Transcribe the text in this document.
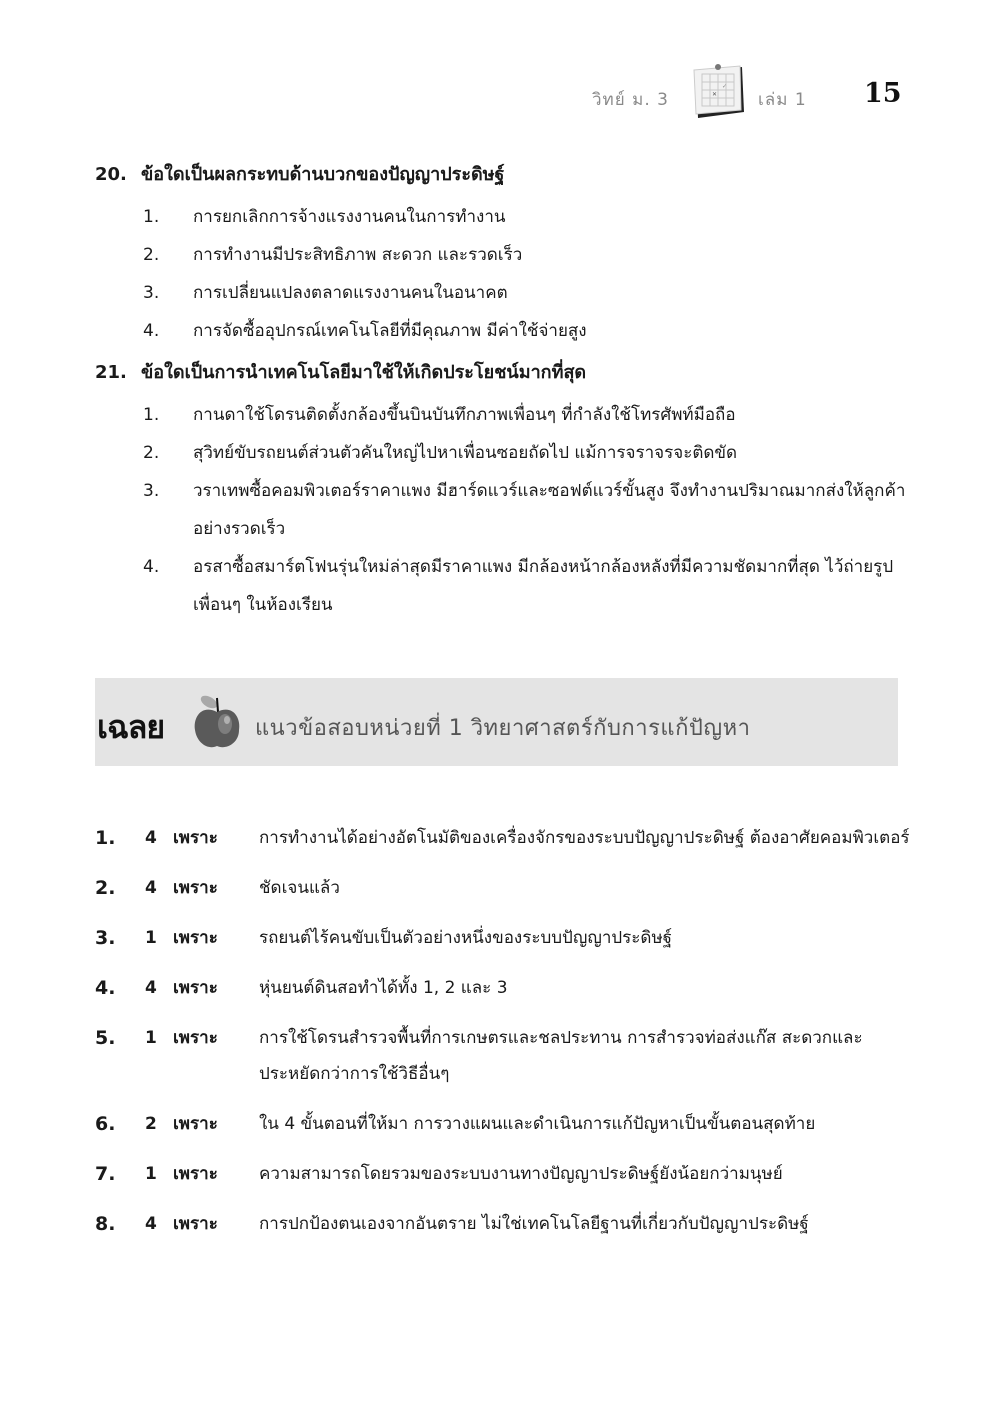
วิทย์ ม. 3	✕
✓
เล่ม 1 15
20. ข้อใดเป็นผลกระทบด้านบวกของปัญญาประดิษฐ์
1.	การยกเลิกการจ้างแรงงานคนในการทำงาน
2.	การทำงานมีประสิทธิภาพ สะดวก และรวดเร็ว
3.	การเปลี่ยนแปลงตลาดแรงงานคนในอนาคต
4.	การจัดซื้ออุปกรณ์เทคโนโลยีที่มีคุณภาพ มีค่าใช้จ่ายสูง
21. ข้อใดเป็นการนำเทคโนโลยีมาใช้ให้เกิดประโยชน์มากที่สุด
1.	กานดาใช้โดรนติดตั้งกล้องขึ้นบินบันทึกภาพเพื่อนๆ ที่กำลังใช้โทรศัพท์มือถือ
2.	สุวิทย์ขับรถยนต์ส่วนตัวคันใหญ่ไปหาเพื่อนซอยถัดไป แม้การจราจรจะติดขัด
3.	วราเทพซื้อคอมพิวเตอร์ราคาแพง มีฮาร์ดแวร์และซอฟต์แวร์ขั้นสูง จึงทำงานปริมาณมากส่งให้ลูกค้าอย่างรวดเร็ว
4.	อรสาซื้อสมาร์ตโฟนรุ่นใหม่ล่าสุดมีราคาแพง มีกล้องหน้ากล้องหลังที่มีความชัดมากที่สุด ไว้ถ่ายรูปเพื่อนๆ ในห้องเรียน
เฉลย	แนวข้อสอบหน่วยที่ 1 วิทยาศาสตร์กับการแก้ปัญหา
1.	4 เพราะ	การทำงานได้อย่างอัตโนมัติของเครื่องจักรของระบบปัญญาประดิษฐ์ ต้องอาศัยคอมพิวเตอร์
2.	4 เพราะ	ชัดเจนแล้ว
3.	1 เพราะ	รถยนต์ไร้คนขับเป็นตัวอย่างหนึ่งของระบบปัญญาประดิษฐ์
4.	4 เพราะ	หุ่นยนต์ดินสอทำได้ทั้ง 1, 2 และ 3
5.	1 เพราะ	การใช้โดรนสำรวจพื้นที่การเกษตรและชลประทาน การสำรวจท่อส่งแก๊ส สะดวกและประหยัดกว่าการใช้วิธีอื่นๆ
6.	2 เพราะ	ใน 4 ขั้นตอนที่ให้มา การวางแผนและดำเนินการแก้ปัญหาเป็นขั้นตอนสุดท้าย
7.	1 เพราะ	ความสามารถโดยรวมของระบบงานทางปัญญาประดิษฐ์ยังน้อยกว่ามนุษย์
8.	4 เพราะ	การปกป้องตนเองจากอันตราย ไม่ใช่เทคโนโลยีฐานที่เกี่ยวกับปัญญาประดิษฐ์
